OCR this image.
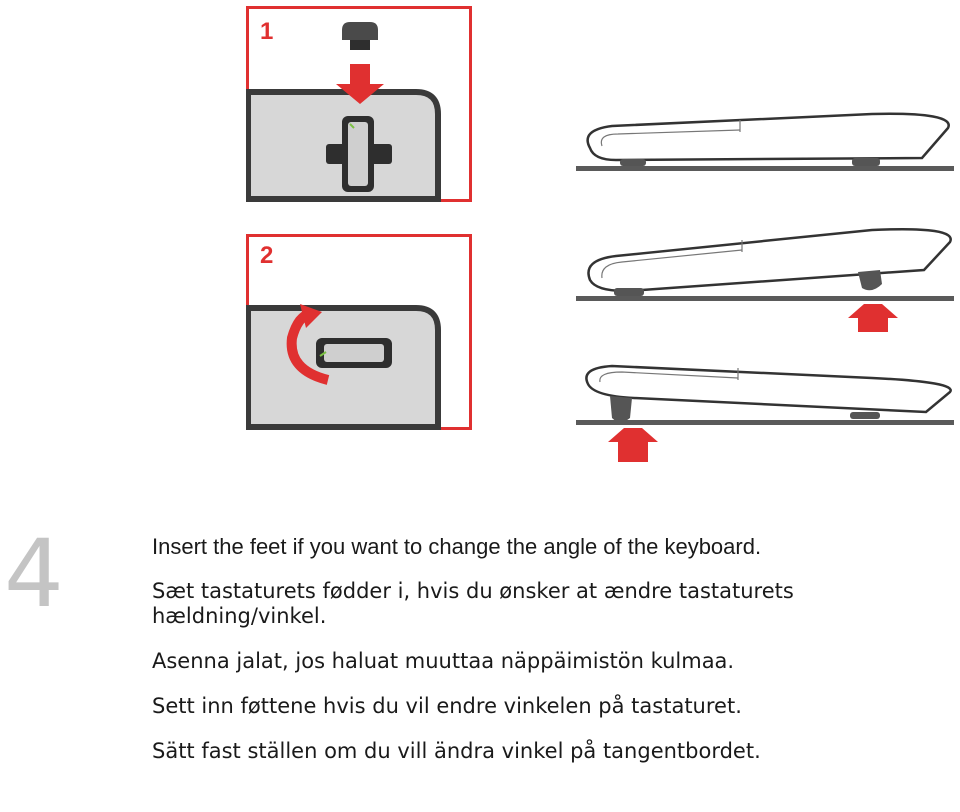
1
2
4	Insert the feet if you want to change the angle of the keyboard.

Sæt tastaturets fødder i, hvis du ønsker at ændre tastaturets hældning/vinkel.

Asenna jalat, jos haluat muuttaa näppäimistön kulmaa.

Sett inn føttene hvis du vil endre vinkelen på tastaturet.

Sätt fast ställen om du vill ändra vinkel på tangentbordet.
